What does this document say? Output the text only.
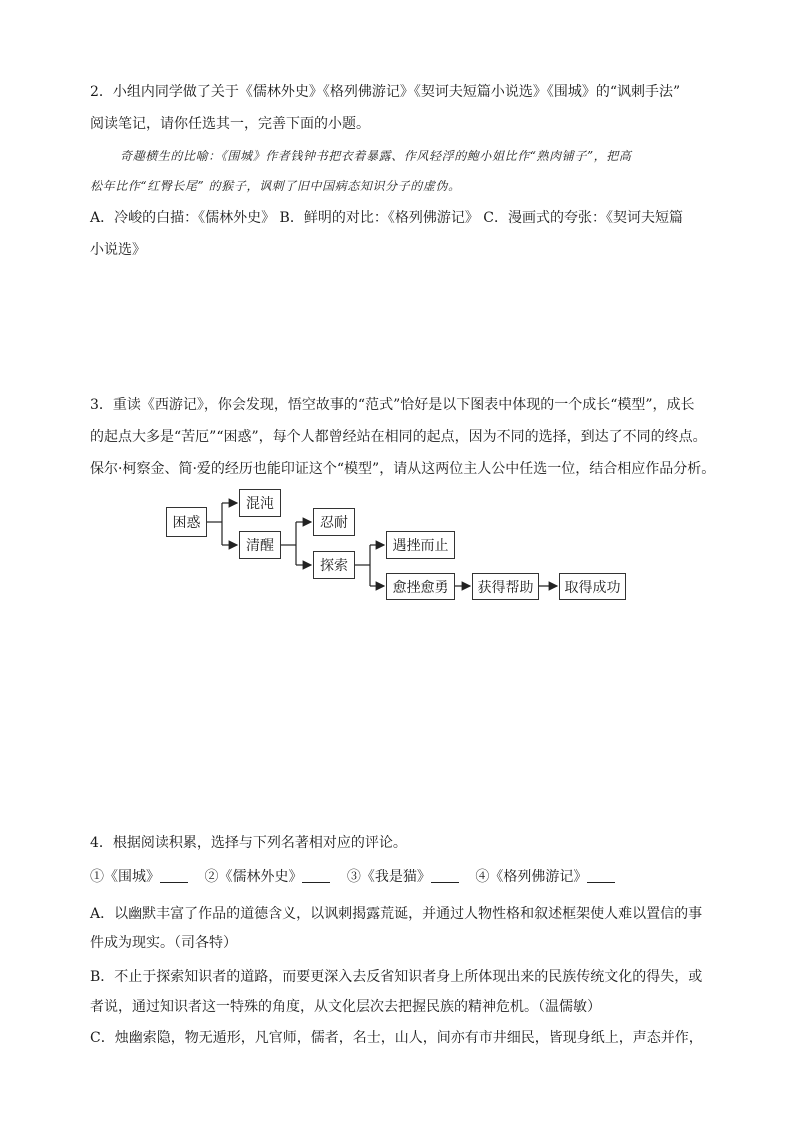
2．小组内同学做了关于《儒林外史》《格列佛游记》《契诃夫短篇小说选》《围城》的“讽刺手法”
阅读笔记，请你任选其一，完善下面的小题。
奇趣横生的比喻：《围城》作者钱钟书把衣着暴露、作风轻浮的鲍小姐比作“熟肉铺子”，把高
松年比作“红臀长尾” 的猴子，讽刺了旧中国病态知识分子的虚伪。
A．冷峻的白描：《儒林外史》 B．鲜明的对比：《格列佛游记》 C．漫画式的夸张：《契诃夫短篇
小说选》
3．重读《西游记》，你会发现，悟空故事的“范式”恰好是以下图表中体现的一个成长“模型”，成长
的起点大多是“苦厄”“困惑”，每个人都曾经站在相同的起点，因为不同的选择，到达了不同的终点。
保尔·柯察金、简·爱的经历也能印证这个“模型”，请从这两位主人公中任选一位，结合相应作品分析。
困惑
混沌
清醒
忍耐
探索
遇挫而止
愈挫愈勇	获得帮助	取得成功
4．根据阅读积累，选择与下列名著相对应的评论。
①《围城》	②《儒林外史》	③《我是猫》	④《格列佛游记》
A．以幽默丰富了作品的道德含义，以讽刺揭露荒诞，并通过人物性格和叙述框架使人难以置信的事
件成为现实。（司各特）
B．不止于探索知识者的道路，而要更深入去反省知识者身上所体现出来的民族传统文化的得失，或
者说，通过知识者这一特殊的角度，从文化层次去把握民族的精神危机。（温儒敏）
C．烛幽索隐，物无遁形，凡官师，儒者，名士，山人，间亦有市井细民，皆现身纸上，声态并作，
